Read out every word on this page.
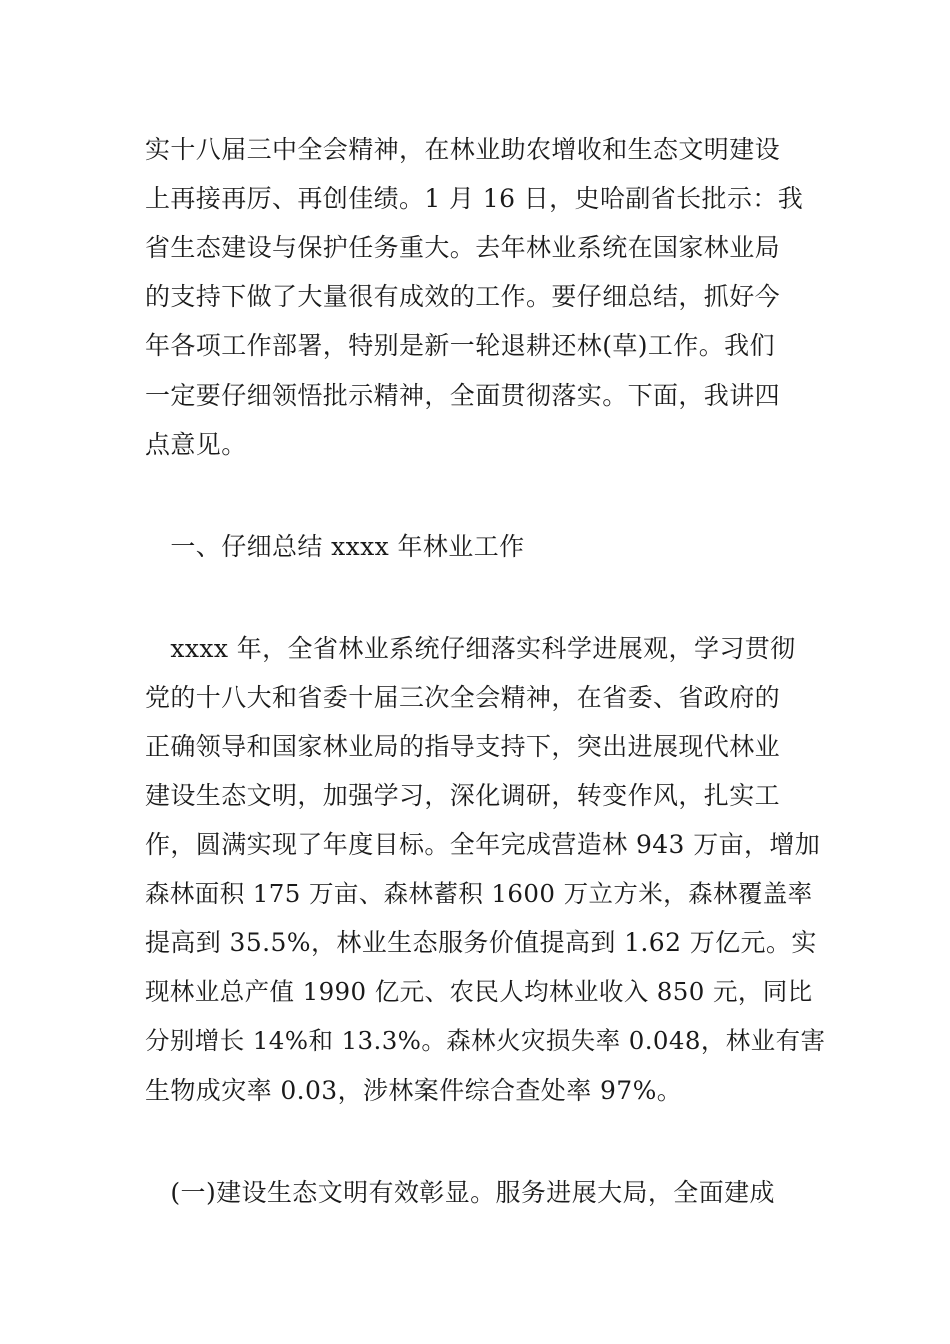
实十八届三中全会精神，在林业助农增收和生态文明建设
上再接再厉、再创佳绩。1 月 16 日，史哈副省长批示：我
省生态建设与保护任务重大。去年林业系统在国家林业局
的支持下做了大量很有成效的工作。要仔细总结，抓好今
年各项工作部署，特别是新一轮退耕还林(草)工作。我们
一定要仔细领悟批示精神，全面贯彻落实。下面，我讲四
点意见。
　一、仔细总结 xxxx 年林业工作
　xxxx 年，全省林业系统仔细落实科学进展观，学习贯彻
党的十八大和省委十届三次全会精神，在省委、省政府的
正确领导和国家林业局的指导支持下，突出进展现代林业
建设生态文明，加强学习，深化调研，转变作风，扎实工
作，圆满实现了年度目标。全年完成营造林 943 万亩，增加
森林面积 175 万亩、森林蓄积 1600 万立方米，森林覆盖率
提高到 35.5%，林业生态服务价值提高到 1.62 万亿元。实
现林业总产值 1990 亿元、农民人均林业收入 850 元，同比
分别增长 14%和 13.3%。森林火灾损失率 0.048，林业有害
生物成灾率 0.03，涉林案件综合查处率 97%。
　(一)建设生态文明有效彰显。服务进展大局，全面建成
